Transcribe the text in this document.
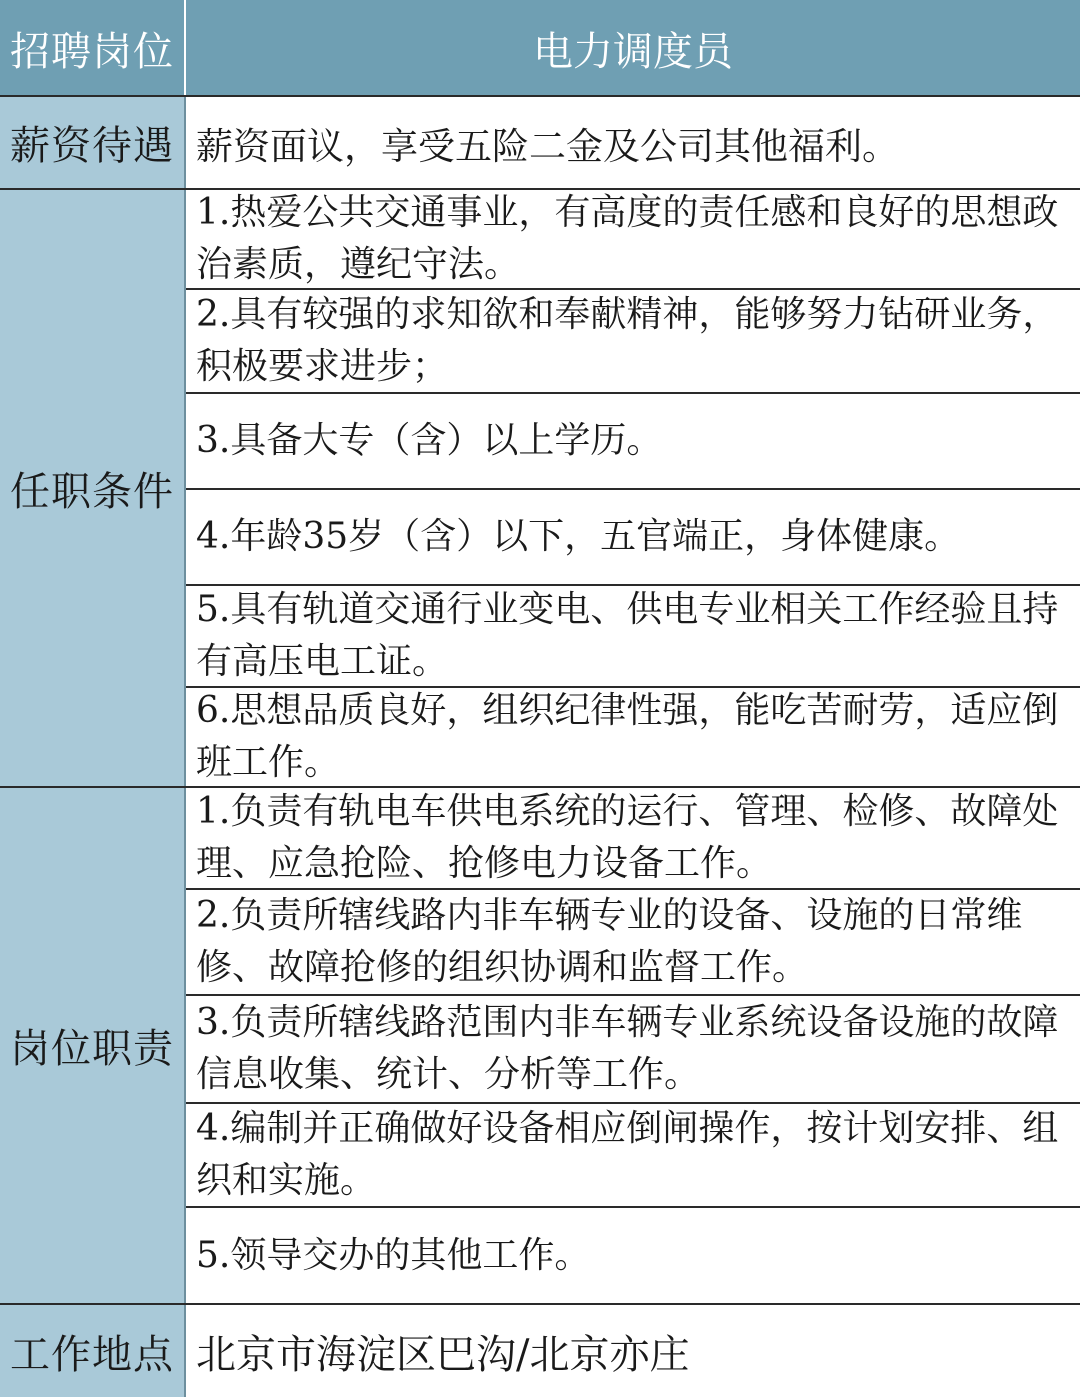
招聘岗位	电力调度员
薪资待遇 薪资面议，享受五险二金及公司其他福利。
任职条件
1.热爱公共交通事业，有高度的责任感和良好的思想政治素质，遵纪守法。
2.具有较强的求知欲和奉献精神，能够努力钻研业务，积极要求进步；
3.具备大专（含）以上学历。
4.年龄35岁（含）以下，五官端正，身体健康。
5.具有轨道交通行业变电、供电专业相关工作经验且持有高压电工证。
6.思想品质良好，组织纪律性强，能吃苦耐劳，适应倒班工作。
岗位职责
1.负责有轨电车供电系统的运行、管理、检修、故障处理、应急抢险、抢修电力设备工作。
2.负责所辖线路内非车辆专业的设备、设施的日常维修、故障抢修的组织协调和监督工作。
3.负责所辖线路范围内非车辆专业系统设备设施的故障信息收集、统计、分析等工作。
4.编制并正确做好设备相应倒闸操作，按计划安排、组织和实施。
5.领导交办的其他工作。
工作地点 北京市海淀区巴沟/北京亦庄	门头沟京西杂谈
